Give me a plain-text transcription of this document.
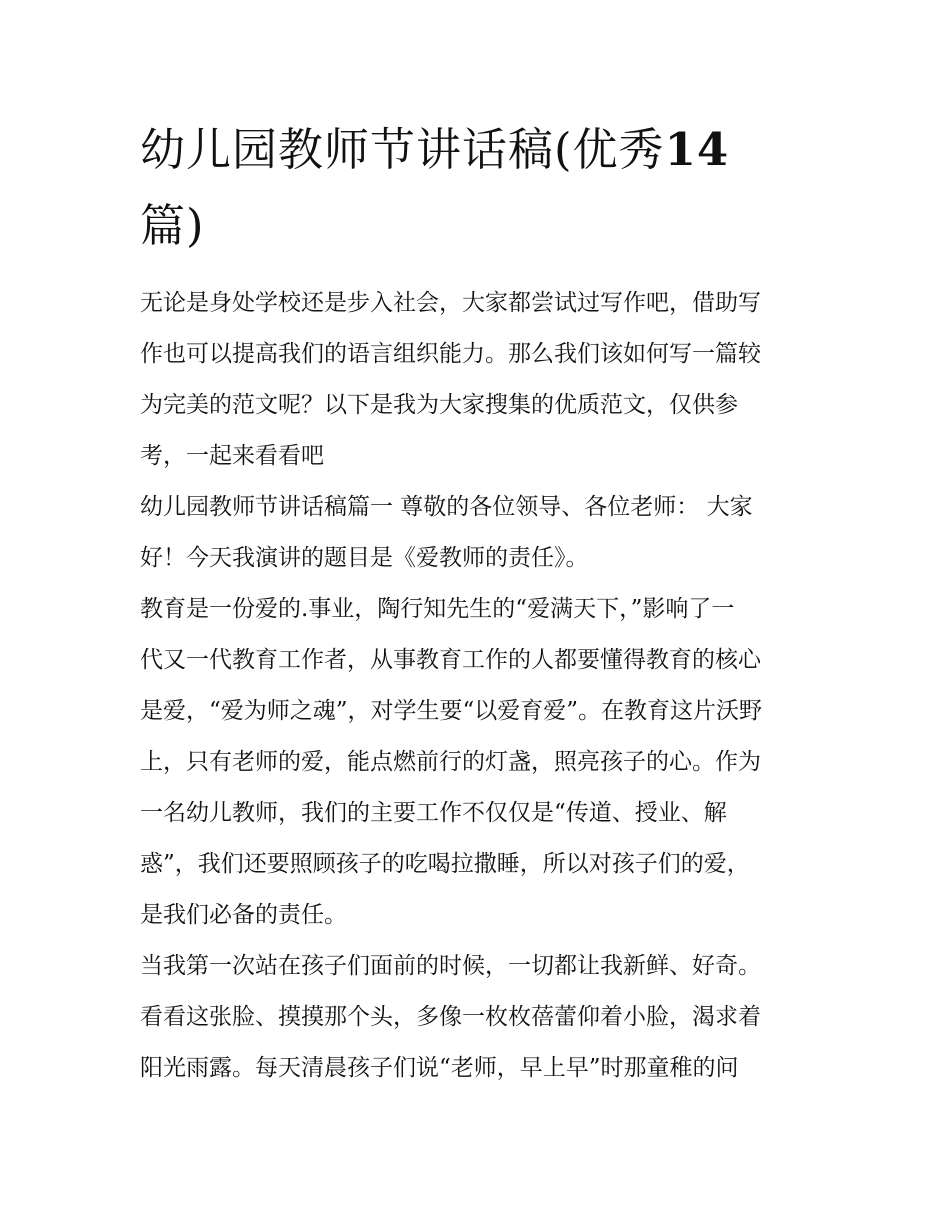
幼儿园教师节讲话稿(优秀14
篇)
无论是身处学校还是步入社会，大家都尝试过写作吧，借助写
作也可以提高我们的语言组织能力。那么我们该如何写一篇较
为完美的范文呢？以下是我为大家搜集的优质范文，仅供参
考，一起来看看吧
幼儿园教师节讲话稿篇一 尊敬的各位领导、各位老师： 大家
好！今天我演讲的题目是《爱教师的责任》。
教育是一份爱的.事业，陶行知先生的“爱满天下，”影响了一
代又一代教育工作者，从事教育工作的人都要懂得教育的核心
是爱，“爱为师之魂”，对学生要“以爱育爱”。在教育这片沃野
上，只有老师的爱，能点燃前行的灯盏，照亮孩子的心。作为
一名幼儿教师，我们的主要工作不仅仅是“传道、授业、解
惑”，我们还要照顾孩子的吃喝拉撒睡，所以对孩子们的爱，
是我们必备的责任。
当我第一次站在孩子们面前的时候，一切都让我新鲜、好奇。
看看这张脸、摸摸那个头，多像一枚枚蓓蕾仰着小脸，渴求着
阳光雨露。每天清晨孩子们说“老师，早上早”时那童稚的问
